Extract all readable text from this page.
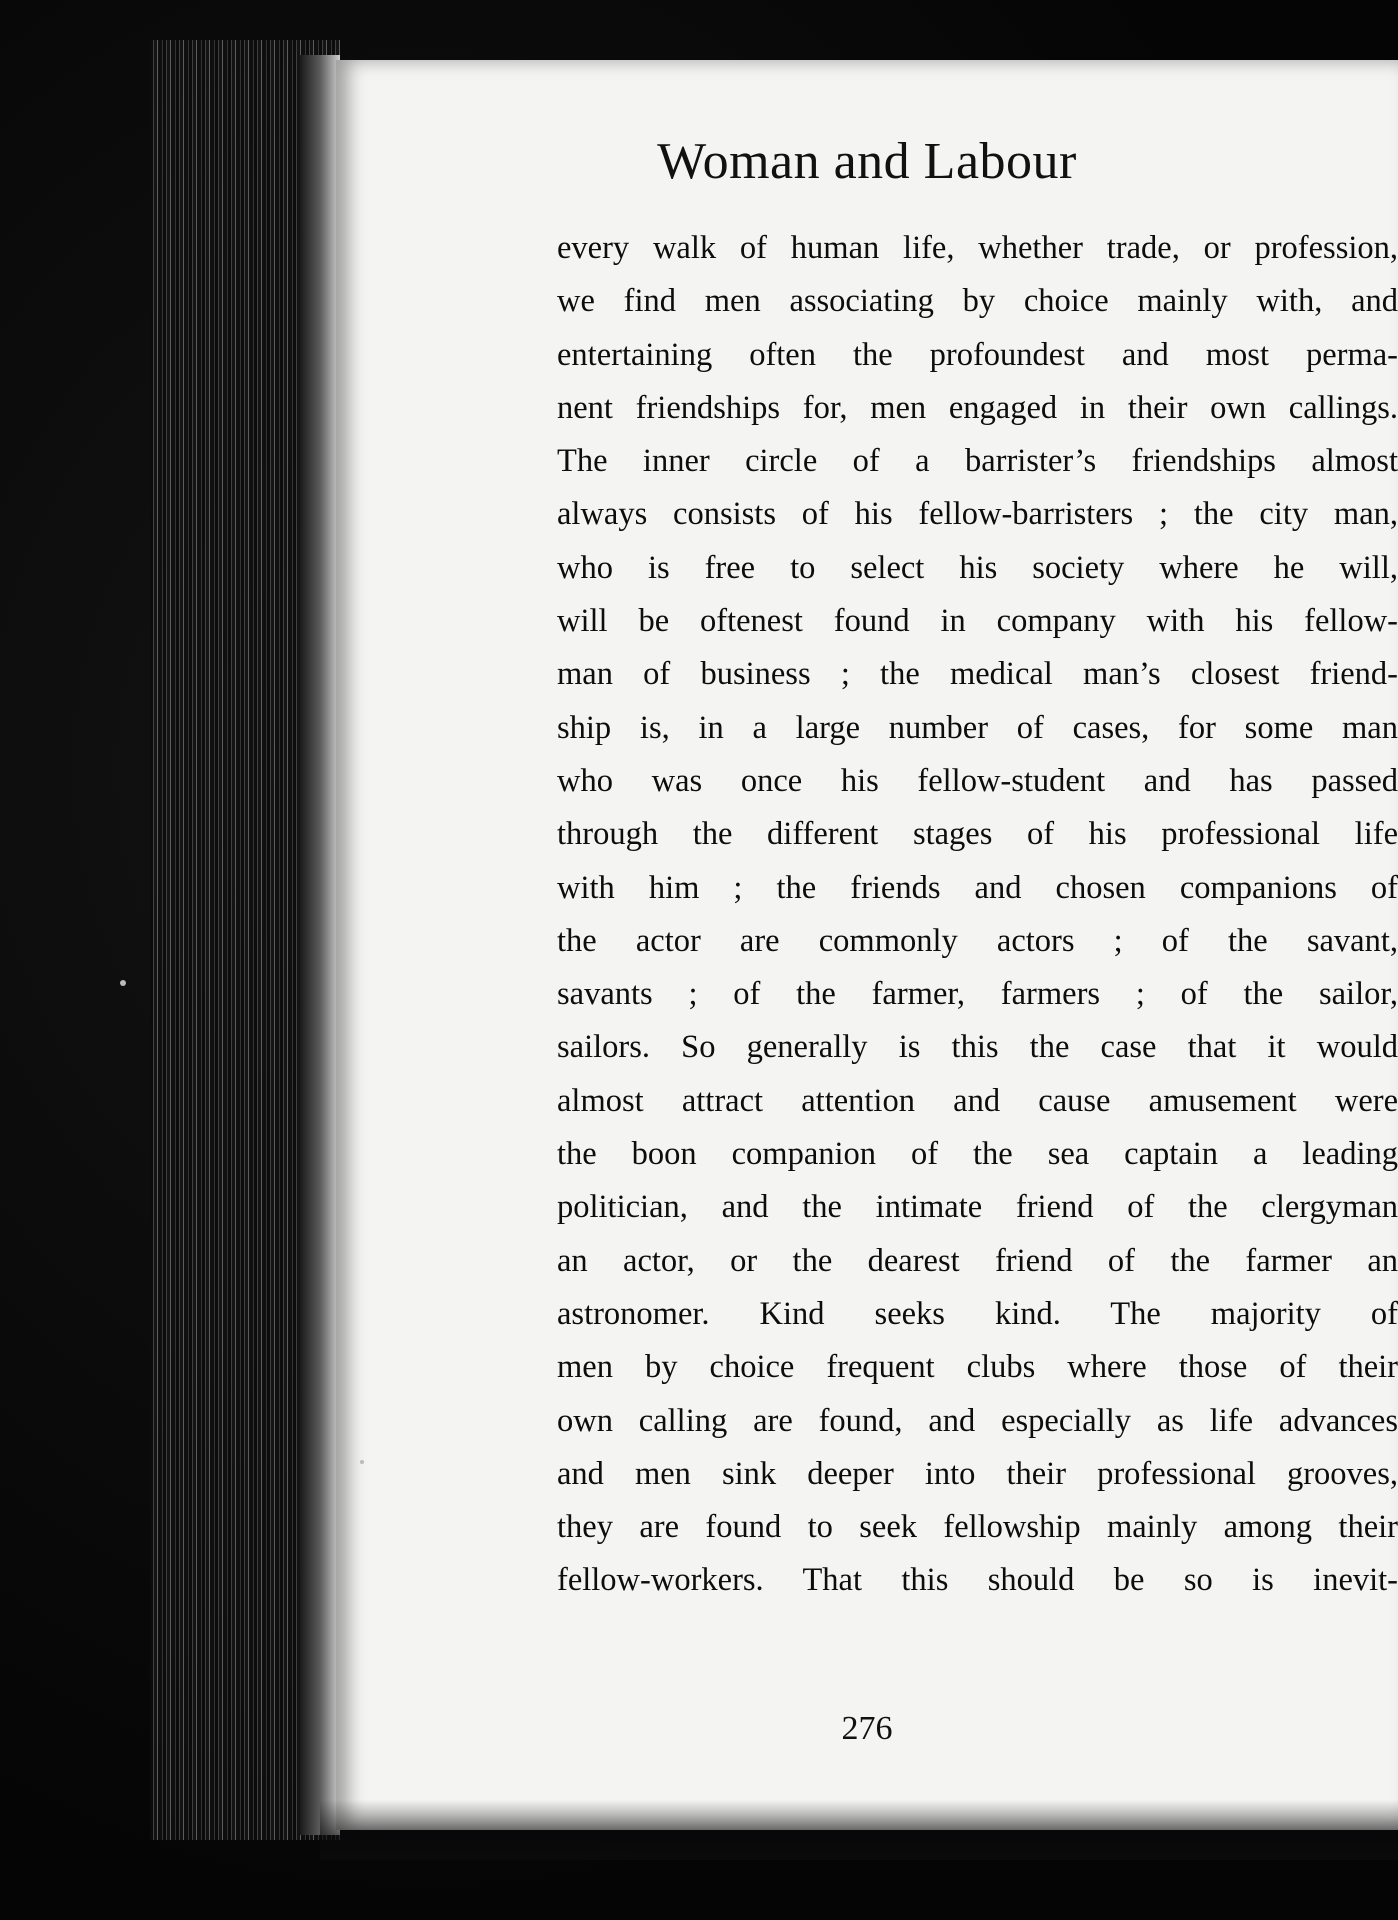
Woman and Labour
every walk of human life, whether trade, or profession,
we find men associating by choice mainly with, and
entertaining often the profoundest and most perma-
nent friendships for, men engaged in their own callings.
The inner circle of a barrister’s friendships almost
always consists of his fellow-barristers ; the city man,
who is free to select his society where he will,
will be oftenest found in company with his fellow-
man of business ; the medical man’s closest friend-
ship is, in a large number of cases, for some man
who was once his fellow-student and has passed
through the different stages of his professional life
with him ; the friends and chosen companions of
the actor are commonly actors ; of the savant,
savants ; of the farmer, farmers ; of the sailor,
sailors. So generally is this the case that it would
almost attract attention and cause amusement were
the boon companion of the sea captain a leading
politician, and the intimate friend of the clergyman
an actor, or the dearest friend of the farmer an
astronomer. Kind seeks kind. The majority of
men by choice frequent clubs where those of their
own calling are found, and especially as life advances
and men sink deeper into their professional grooves,
they are found to seek fellowship mainly among their
fellow-workers. That this should be so is inevit-
276
